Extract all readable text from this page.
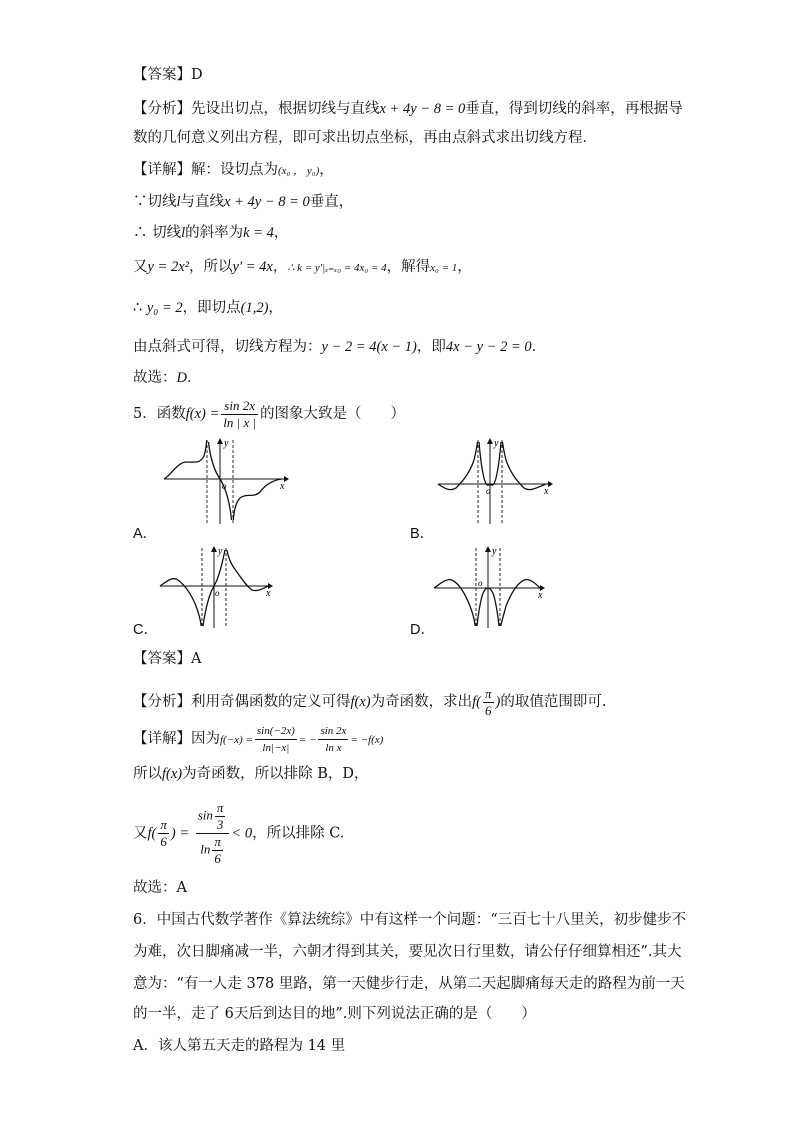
【答案】D
【分析】先设出切点，根据切线与直线x + 4y − 8 = 0垂直，得到切线的斜率，再根据导
数的几何意义列出方程，即可求出切点坐标，再由点斜式求出切线方程．
【详解】解：设切点为(x₀ ， y₀)，
∵切线l与直线x + 4y − 8 = 0垂直，
∴ 切线l的斜率为k = 4，
又y = 2x²，所以y′ = 4x，∴ k = y′|ₓ₌ₓ₀ = 4x₀ = 4，解得x₀ = 1，
∴ y₀ = 2，即切点(1,2)，
由点斜式可得，切线方程为：y − 2 = 4(x − 1)，即4x − y − 2 = 0．
故选：D．
5．函数$f(x) = \frac{\sin 2x}{\ln | x |}$ 的图象大致是（　　）
o	x
y
A．
o	x
y
B．
o	x
y
C．
o
x
y
D．
【答案】A
【分析】利用奇偶函数的定义可得f(x)为奇函数，求出$f( \frac{\pi}{6}$ )的取值范围即可.
【详解】因为$f(-x) = \frac{\sin(-2x)}{\ln|-x|}$ = − $\frac{\sin 2x}{\text{ln x}} = -f(x)$
所以f(x)为奇函数，所以排除 B，D，
又$f( \frac{\pi}{6}$ ) = $\frac{\sin \frac{\pi}{3}}{\ln \frac{\pi}{6}} < 0$，所以排除 C.
故选：A
6．中国古代数学著作《算法统综》中有这样一个问题：“三百七十八里关，初步健步不
为难，次日脚痛减一半，六朝才得到其关，要见次日行里数，请公仔仔细算相还”.其大
意为：“有一人走 378 里路，第一天健步行走，从第二天起脚痛每天走的路程为前一天
的一半，走了 6天后到达目的地”.则下列说法正确的是（　　）
A．该人第五天走的路程为 14 里
